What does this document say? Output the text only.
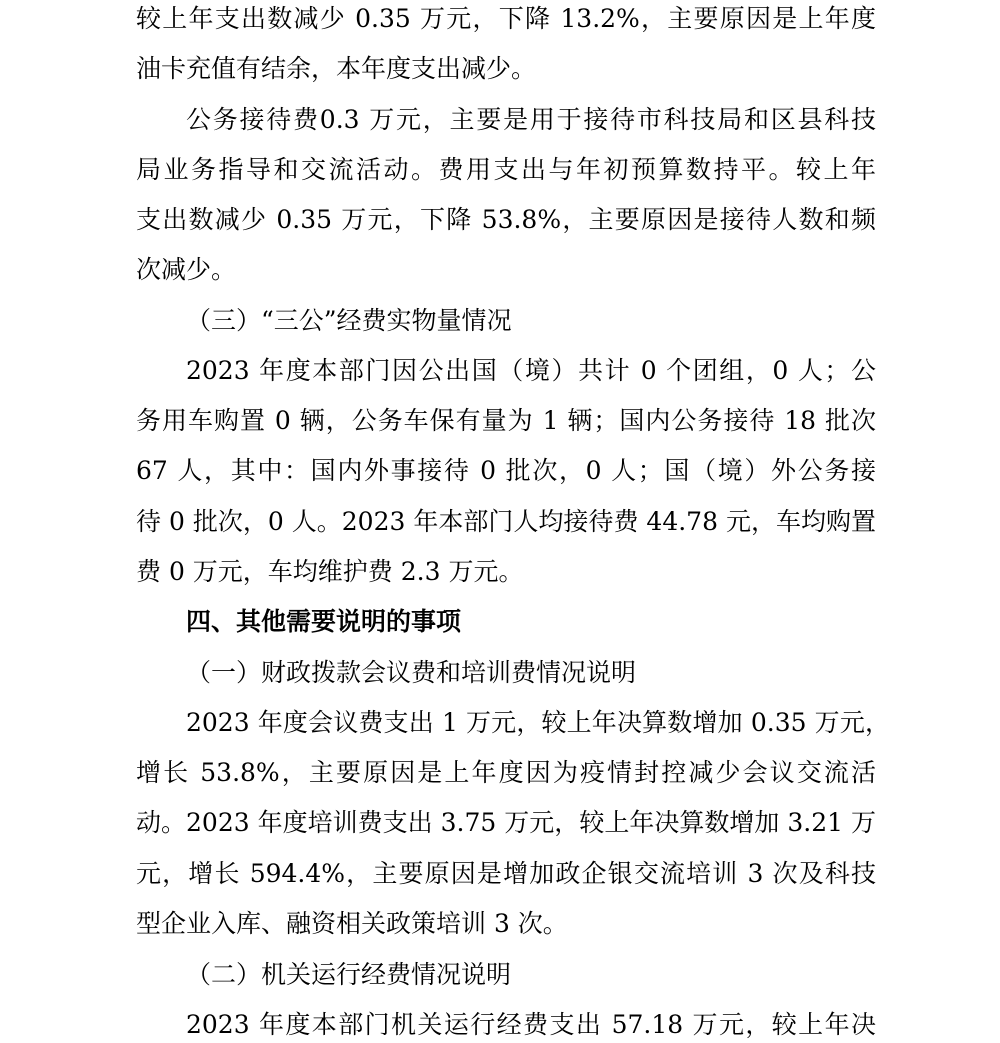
较上年支出数减少 0.35 万元，下降 13.2%，主要原因是上年度
油卡充值有结余，本年度支出减少。
公务接待费0.3 万元，主要是用于接待市科技局和区县科技
局业务指导和交流活动。费用支出与年初预算数持平。较上年
支出数减少 0.35 万元，下降 53.8%，主要原因是接待人数和频
次减少。
（三）“三公”经费实物量情况
2023 年度本部门因公出国（境）共计 0 个团组，0 人；公
务用车购置 0 辆，公务车保有量为 1 辆；国内公务接待 18 批次
67 人，其中：国内外事接待 0 批次，0 人；国（境）外公务接
待 0 批次，0 人。2023 年本部门人均接待费 44.78 元，车均购置
费 0 万元，车均维护费 2.3 万元。
四、其他需要说明的事项
（一）财政拨款会议费和培训费情况说明
2023 年度会议费支出 1 万元，较上年决算数增加 0.35 万元，
增长 53.8%，主要原因是上年度因为疫情封控减少会议交流活
动。2023 年度培训费支出 3.75 万元，较上年决算数增加 3.21 万
元，增长 594.4%，主要原因是增加政企银交流培训 3 次及科技
型企业入库、融资相关政策培训 3 次。
（二）机关运行经费情况说明
2023 年度本部门机关运行经费支出 57.18 万元，较上年决
